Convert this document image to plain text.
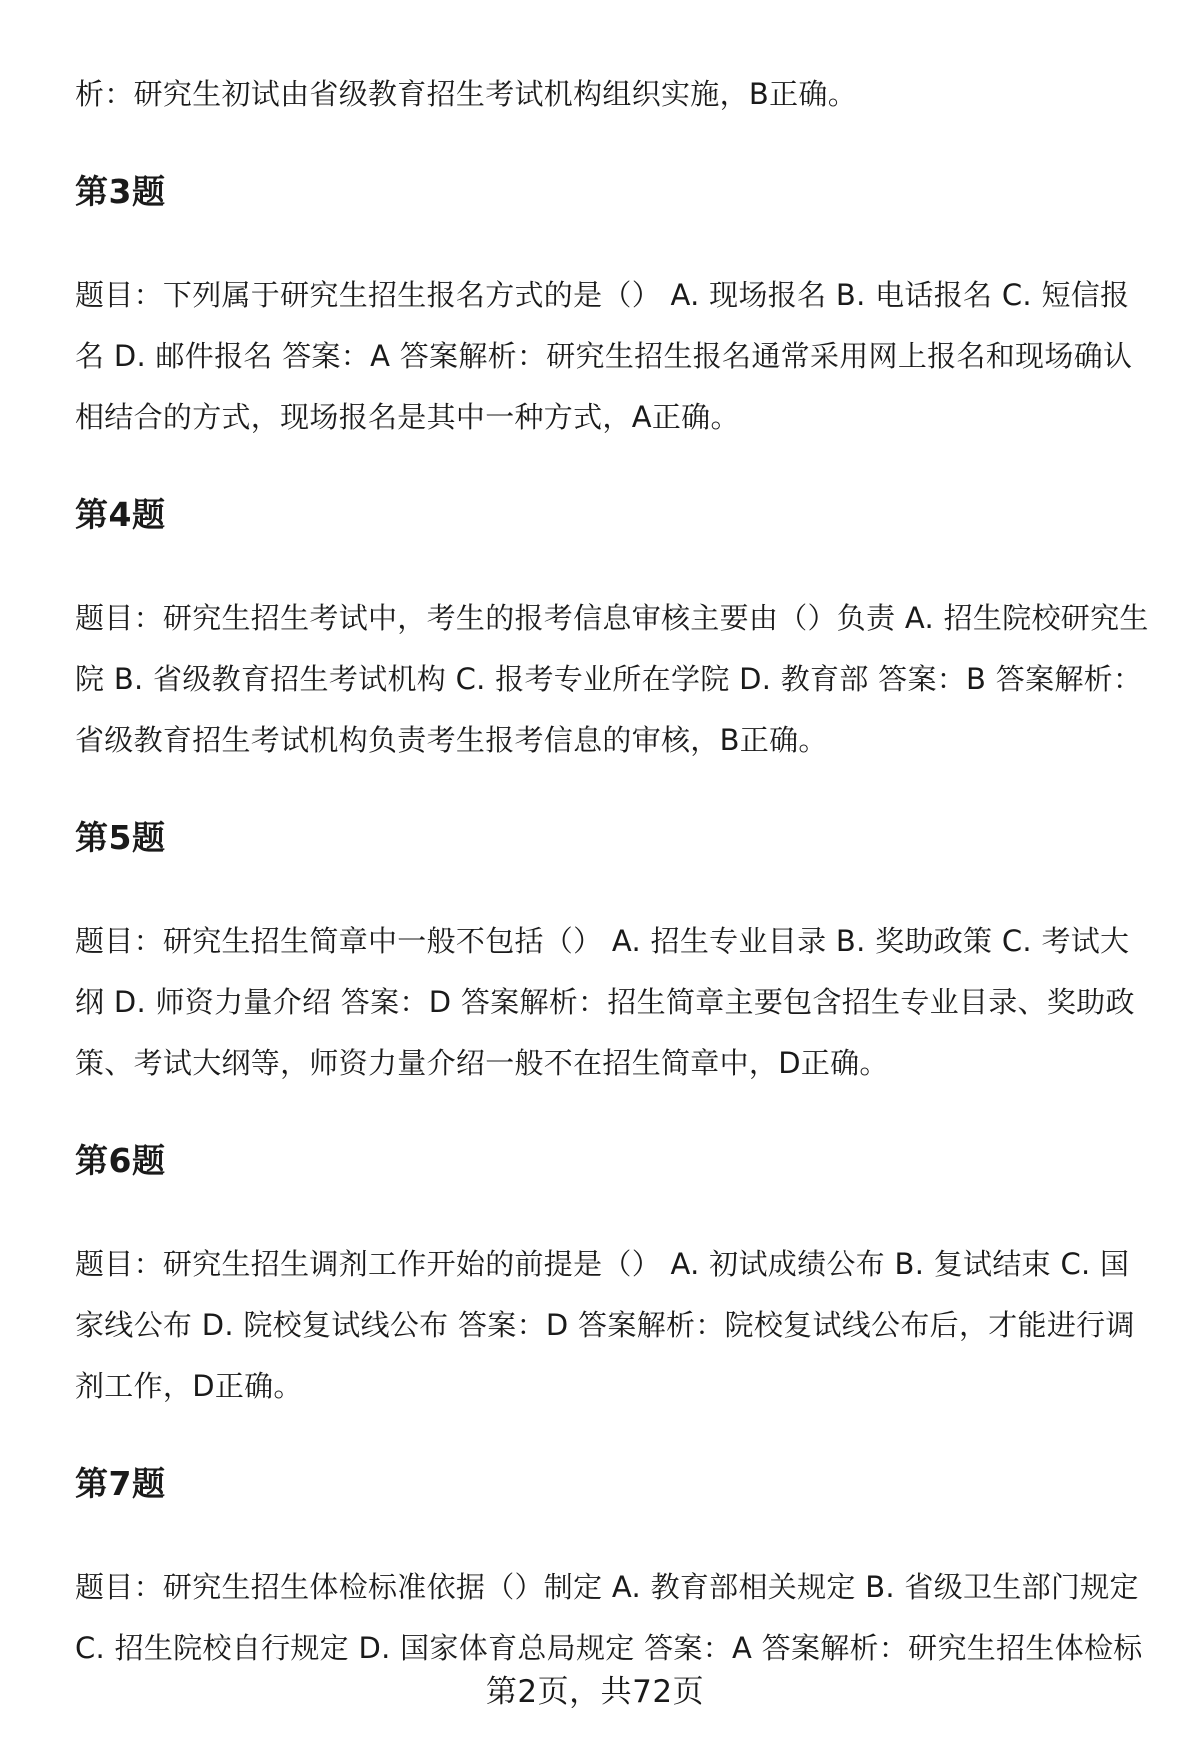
析：研究生初试由省级教育招生考试机构组织实施，B正确。

第3题

题目：下列属于研究生招生报名方式的是（） A. 现场报名 B. 电话报名 C. 短信报名 D. 邮件报名 答案：A 答案解析：研究生招生报名通常采用网上报名和现场确认相结合的方式，现场报名是其中一种方式，A正确。

第4题

题目：研究生招生考试中，考生的报考信息审核主要由（）负责 A. 招生院校研究生院 B. 省级教育招生考试机构 C. 报考专业所在学院 D. 教育部 答案：B 答案解析：省级教育招生考试机构负责考生报考信息的审核，B正确。

第5题

题目：研究生招生简章中一般不包括（） A. 招生专业目录 B. 奖助政策 C. 考试大纲 D. 师资力量介绍 答案：D 答案解析：招生简章主要包含招生专业目录、奖助政策、考试大纲等，师资力量介绍一般不在招生简章中，D正确。

第6题

题目：研究生招生调剂工作开始的前提是（） A. 初试成绩公布 B. 复试结束 C. 国家线公布 D. 院校复试线公布 答案：D 答案解析：院校复试线公布后，才能进行调剂工作，D正确。

第7题

题目：研究生招生体检标准依据（）制定 A. 教育部相关规定 B. 省级卫生部门规定 C. 招生院校自行规定 D. 国家体育总局规定 答案：A 答案解析：研究生招生体检标

第2页，共72页
